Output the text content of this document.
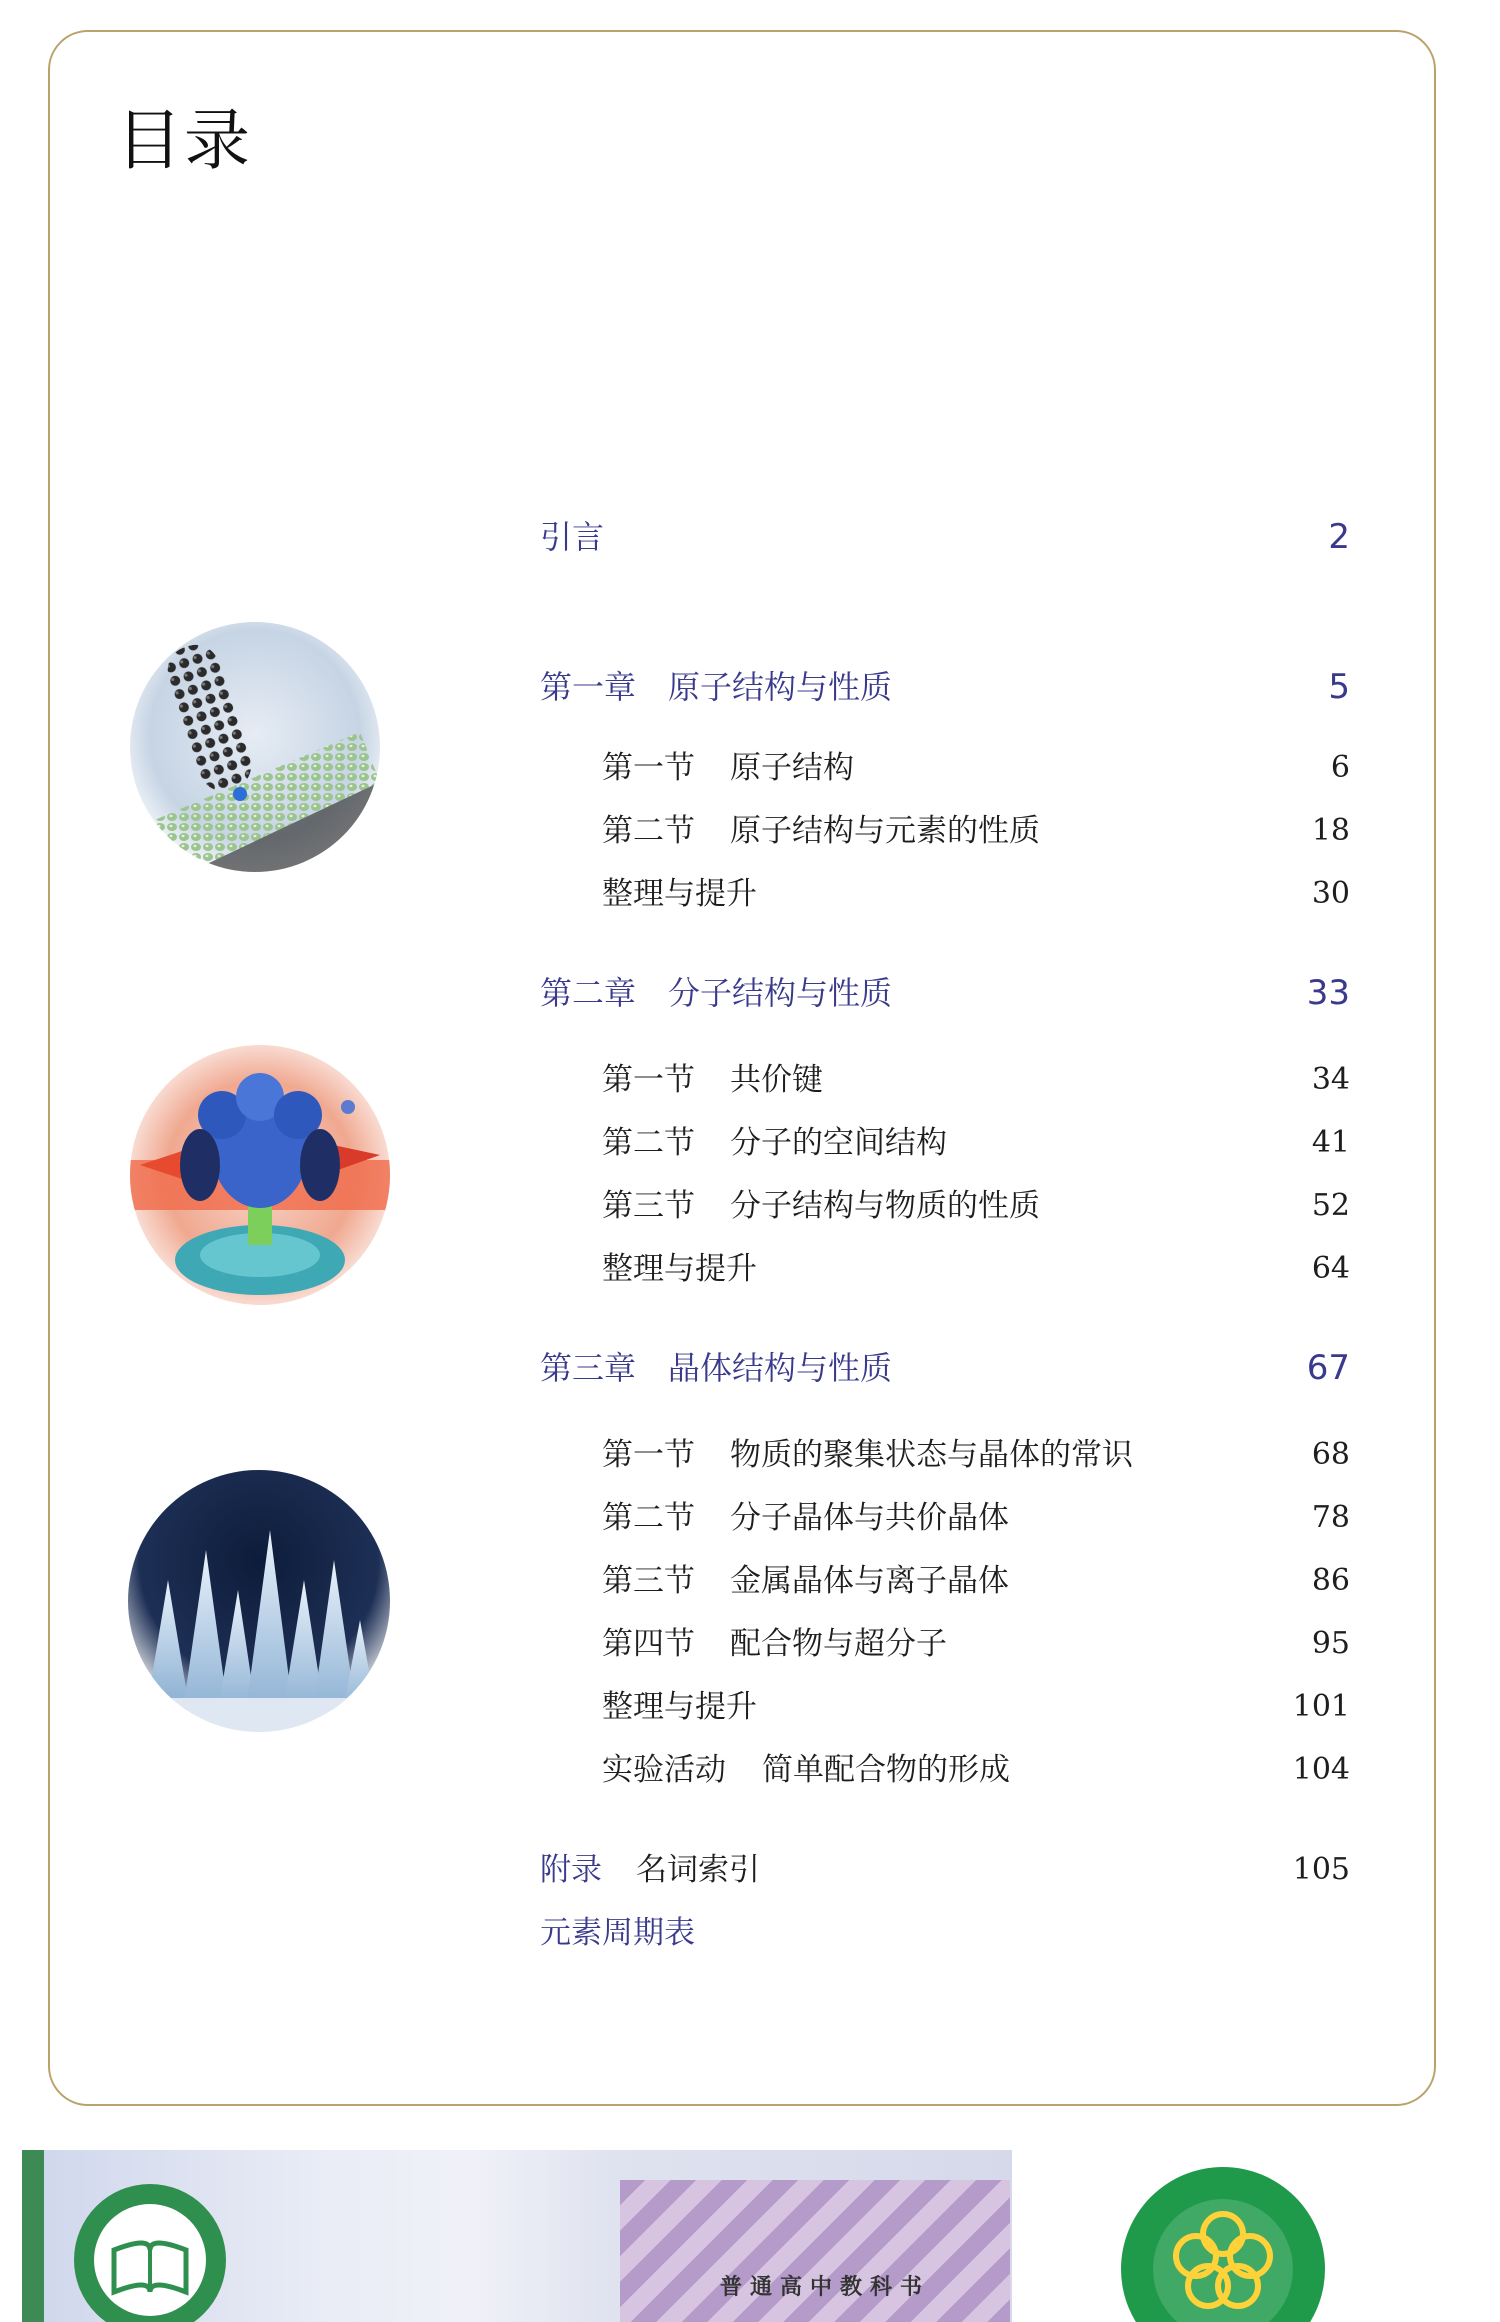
目录
引言	2
第一章 原子结构与性质	5
第一节 原子结构	6
第二节 原子结构与元素的性质	18
整理与提升	30
第二章 分子结构与性质	33
第一节 共价键	34
第二节 分子的空间结构	41
第三节 分子结构与物质的性质	52
整理与提升	64
第三章 晶体结构与性质	67
第一节 物质的聚集状态与晶体的常识	68
第二节 分子晶体与共价晶体	78
第三节 金属晶体与离子晶体	86
第四节 配合物与超分子	95
整理与提升	101
实验活动 简单配合物的形成	104
附录 名词索引	105
元素周期表
普通高中教科书
